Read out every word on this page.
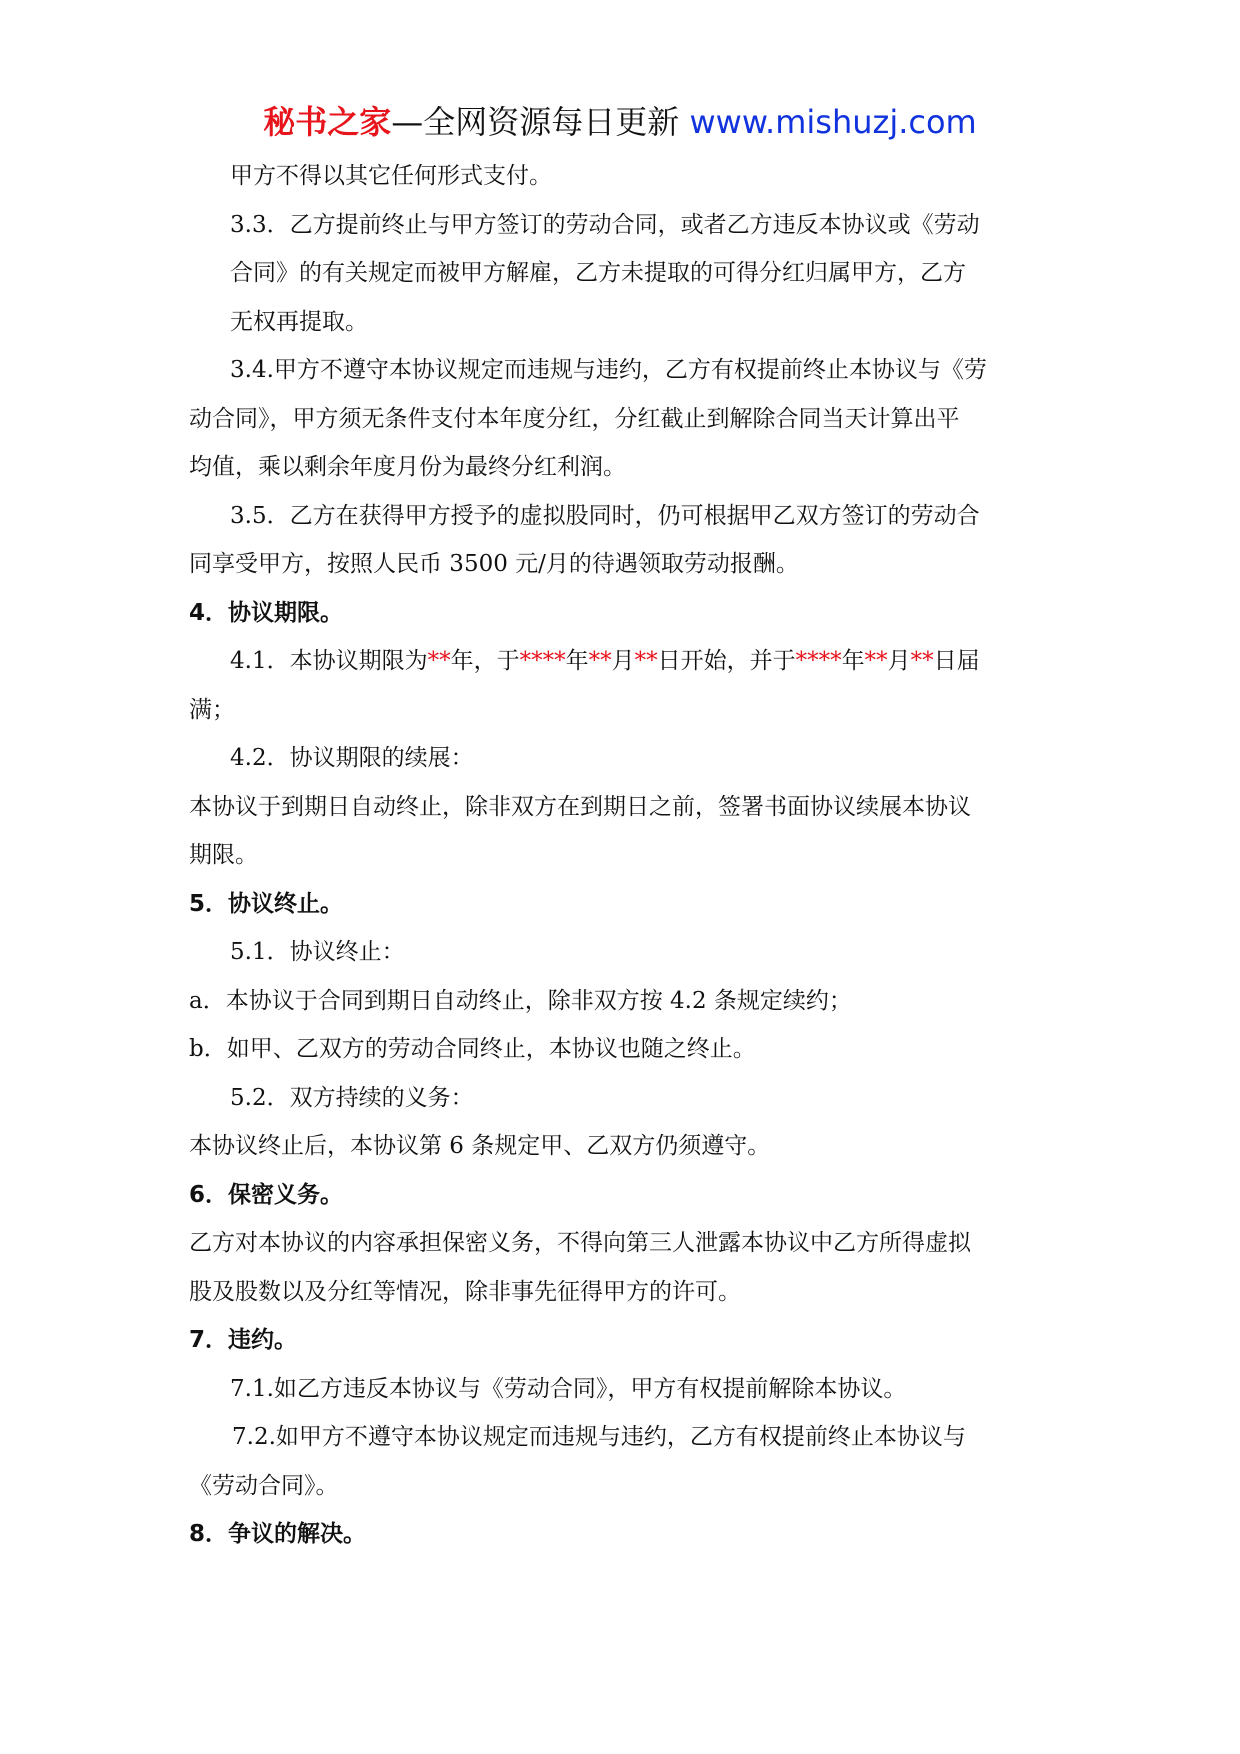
秘书之家—全网资源每日更新 www.mishuzj.com

甲方不得以其它任何形式支付。

3.3．乙方提前终止与甲方签订的劳动合同，或者乙方违反本协议或《劳动

合同》的有关规定而被甲方解雇，乙方未提取的可得分红归属甲方，乙方

无权再提取。

3.4.甲方不遵守本协议规定而违规与违约，乙方有权提前终止本协议与《劳

动合同》，甲方须无条件支付本年度分红，分红截止到解除合同当天计算出平

均值，乘以剩余年度月份为最终分红利润。

3.5．乙方在获得甲方授予的虚拟股同时，仍可根据甲乙双方签订的劳动合

同享受甲方，按照人民币 3500 元/月的待遇领取劳动报酬。

4．协议期限。

4.1．本协议期限为**年，于****年**月**日开始，并于****年**月**日届

满；

4.2．协议期限的续展：

本协议于到期日自动终止，除非双方在到期日之前，签署书面协议续展本协议

期限。

5．协议终止。

5.1．协议终止：

a．本协议于合同到期日自动终止，除非双方按 4.2 条规定续约；

b．如甲、乙双方的劳动合同终止，本协议也随之终止。

5.2．双方持续的义务：

本协议终止后，本协议第 6 条规定甲、乙双方仍须遵守。

6．保密义务。

乙方对本协议的内容承担保密义务，不得向第三人泄露本协议中乙方所得虚拟

股及股数以及分红等情况，除非事先征得甲方的许可。

7．违约。

7.1.如乙方违反本协议与《劳动合同》，甲方有权提前解除本协议。

7.2.如甲方不遵守本协议规定而违规与违约，乙方有权提前终止本协议与

《劳动合同》。

8．争议的解决。
